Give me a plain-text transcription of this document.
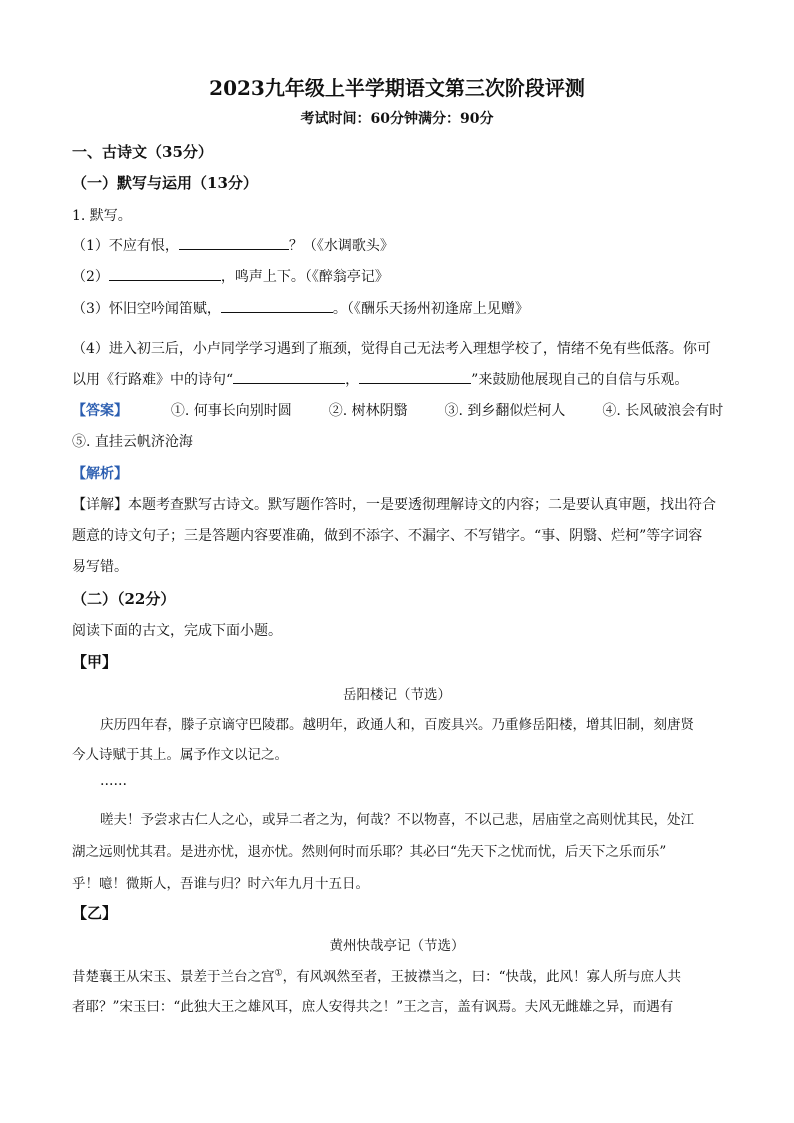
2023九年级上半学期语文第三次阶段评测
考试时间：60分钟满分：90分
一、古诗文（35分）
（一）默写与运用（13分）
1. 默写。
（1）不应有恨，	？（《水调歌头》
（2）	，鸣声上下。（《醉翁亭记》
（3）怀旧空吟闻笛赋，	。（《酬乐天扬州初逢席上见赠》
（4）进入初三后，小卢同学学习遇到了瓶颈，觉得自己无法考入理想学校了，情绪不免有些低落。你可
以用《行路难》中的诗句“	，	”来鼓励他展现自己的自信与乐观。
【答案】	①. 何事长向别时圆	②. 树林阴翳	③. 到乡翻似烂柯人	④. 长风破浪会有时
⑤. 直挂云帆济沧海
【解析】
【详解】本题考查默写古诗文。默写题作答时，一是要透彻理解诗文的内容；二是要认真审题，找出符合
题意的诗文句子；三是答题内容要准确，做到不添字、不漏字、不写错字。“事、阴翳、烂柯”等字词容
易写错。
（二）（22分）
阅读下面的古文，完成下面小题。
【甲】
岳阳楼记（节选）
庆历四年春，滕子京谪守巴陵郡。越明年，政通人和，百废具兴。乃重修岳阳楼，增其旧制，刻唐贤
今人诗赋于其上。属予作文以记之。
……
嗟夫！予尝求古仁人之心，或异二者之为，何哉？不以物喜，不以己悲，居庙堂之高则忧其民，处江
湖之远则忧其君。是进亦忧，退亦忧。然则何时而乐耶？其必曰“先天下之忧而忧，后天下之乐而乐”
乎！噫！微斯人，吾谁与归？时六年九月十五日。
【乙】
黄州快哉亭记（节选）
昔楚襄王从宋玉、景差于兰台之宫①，有风飒然至者，王披襟当之，曰：“快哉，此风！寡人所与庶人共
者耶？”宋玉曰：“此独大王之雄风耳，庶人安得共之！”王之言，盖有讽焉。夫风无雌雄之异，而遇有
